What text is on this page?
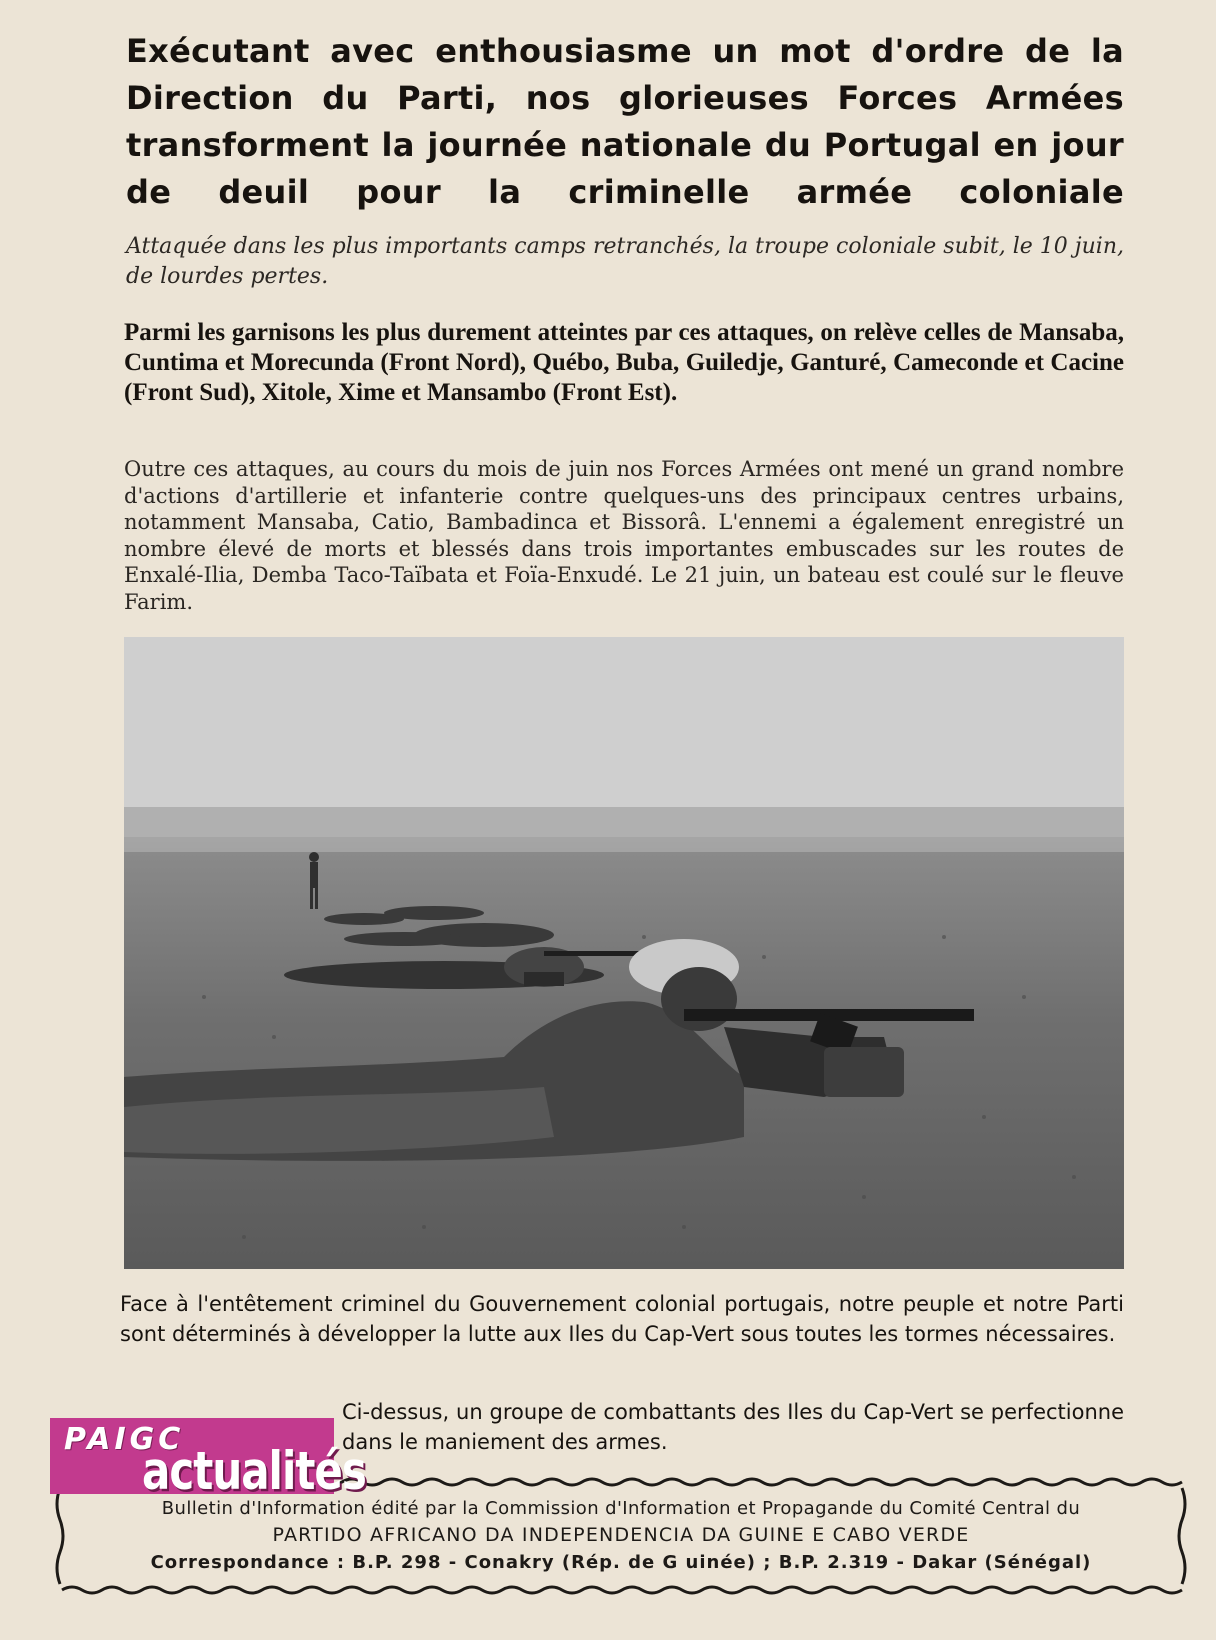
Exécutant avec enthousiasme un mot d'ordre de la Direction du Parti, nos glorieuses Forces Armées transforment la journée nationale du Portugal en jour de deuil pour la criminelle armée coloniale
Attaquée dans les plus importants camps retranchés, la troupe coloniale subit, le 10 juin, de lourdes pertes.
Parmi les garnisons les plus durement atteintes par ces attaques, on relève celles de Mansaba, Cuntima et Morecunda (Front Nord), Québo, Buba, Guiledje, Ganturé, Cameconde et Cacine (Front Sud), Xitole, Xime et Mansambo (Front Est).
Outre ces attaques, au cours du mois de juin nos Forces Armées ont mené un grand nombre d'actions d'artillerie et infanterie contre quelques-uns des principaux centres urbains, notamment Mansaba, Catio, Bambadinca et Bissorâ. L'ennemi a également enregistré un nombre élevé de morts et blessés dans trois importantes embuscades sur les routes de Enxalé-Ilia, Demba Taco-Taïbata et Foïa-Enxudé. Le 21 juin, un bateau est coulé sur le fleuve Farim.
Face à l'entêtement criminel du Gouvernement colonial portugais, notre peuple et notre Parti sont déterminés à développer la lutte aux Iles du Cap-Vert sous toutes les tormes nécessaires.
Ci-dessus, un groupe de combattants des Iles du Cap-Vert se perfectionne dans le maniement des armes.
Bulletin d'Information édité par la Commission d'Information et Propagande du Comité Central du
PARTIDO AFRICANO DA INDEPENDENCIA DA GUINE E CABO VERDE
Correspondance : B.P. 298 - Conakry (Rép. de G uinée) ; B.P. 2.319 - Dakar (Sénégal)
PAIGC
actualités
